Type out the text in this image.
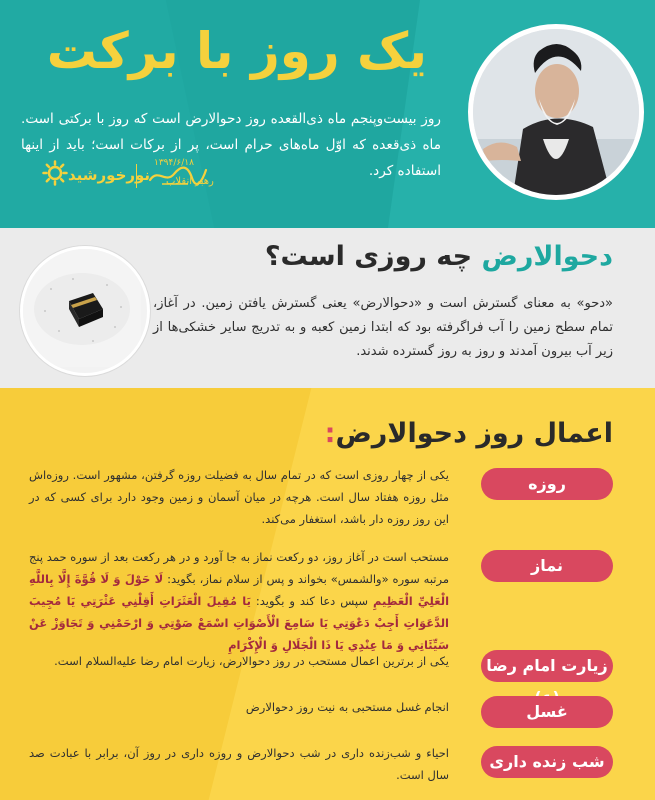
یک روز با برکت

روز بیست‌وپنجم ماه ذی‌القعده روز دحوالارض است که روز با برکتی است. ماه ذی‌قعده که اوّل ماه‌های حرام است، پر از برکات است؛ باید از اینها استفاده کرد.

۱۳۹۴/۶/۱۸
رهبر انقلاب
نورخورشید
دحوالارض چه روزی است؟

«دحو» به معنای گسترش است و «دحوالارض» یعنی گسترش یافتن زمین. در آغاز، تمام سطح زمین را آب فراگرفته بود که ابتدا زمین کعبه و به تدریج سایر خشکی‌ها از زیر آب بیرون آمدند و روز به روز گسترده شدند.

اعمال روز دحوالارض:
روزه

یکی از چهار روزی است که در تمام سال به فضیلت روزه گرفتن، مشهور است. روزه‌اش مثل روزه هفتاد سال است. هرچه در میان آسمان و زمین وجود دارد برای کسی که در این روز روزه دار باشد، استغفار می‌کند.

نماز

مستحب است در آغاز روز، دو رکعت نماز به جا آورد و در هر رکعت بعد از سوره حمد پنج مرتبه سوره «والشمس» بخواند و پس از سلام نماز، بگوید: لَا حَوْلَ وَ لَا قُوَّةَ إِلَّا بِاللَّهِ الْعَلِيِّ الْعَظِيمِ سپس دعا کند و بگوید: يَا مُقِيلَ الْعَثَرَاتِ أَقِلْنِي عَثْرَتِي يَا مُجِيبَ الدَّعَوَاتِ أَجِبْ دَعْوَتِي يَا سَامِعَ الْأَصْوَاتِ اسْمَعْ صَوْتِي وَ ارْحَمْنِي وَ تَجَاوَزْ عَنْ سَيِّئَاتِي وَ مَا عِنْدِي يَا ذَا الْجَلَالِ وَ الْإِكْرَامِ

زیارت امام رضا

یکی از برترین اعمال مستحب در روز دحوالارض، زیارت امام رضا علیه‌السلام است.

غسل

انجام غسل مستحبی به نیت روز دحوالارض

شب زنده داری

احیاء و شب‌زنده داری در شب دحوالارض و روزه داری در روز آن، برابر با عبادت صد سال است.
